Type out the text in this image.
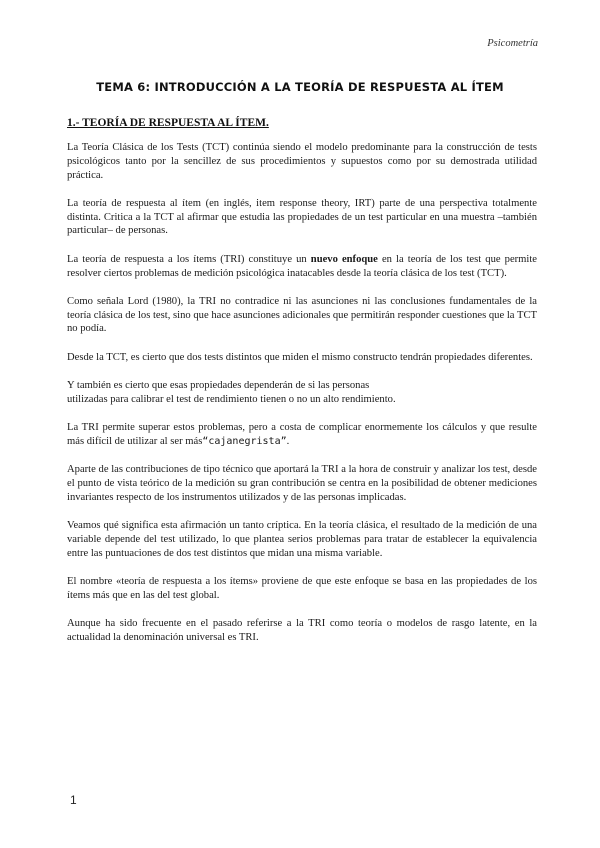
Psicometría
TEMA 6: INTRODUCCIÓN A LA TEORÍA DE RESPUESTA AL ÍTEM
1.- TEORÍA DE RESPUESTA AL ÍTEM.

La Teoría Clásica de los Tests (TCT) continúa siendo el modelo predominante para la construcción de tests psicológicos tanto por la sencillez de sus procedimientos y supuestos como por su demostrada utilidad práctica.

La teoría de respuesta al ítem (en inglés, item response theory, IRT) parte de una perspectiva totalmente distinta. Critica a la TCT al afirmar que estudia las propiedades de un test particular en una muestra –también particular– de personas.

La teoría de respuesta a los ítems (TRI) constituye un nuevo enfoque en la teoría de los test que permite resolver ciertos problemas de medición psicológica inatacables desde la teoría clásica de los test (TCT).

Como señala Lord (1980), la TRI no contradice ni las asunciones ni las conclusiones fundamentales de la teoría clásica de los test, sino que hace asunciones adicionales que permitirán responder cuestiones que la TCT no podía.

Desde la TCT, es cierto que dos tests distintos que miden el mismo constructo tendrán propiedades diferentes.

Y también es cierto que esas propiedades dependerán de si las personas
utilizadas para calibrar el test de rendimiento tienen o no un alto rendimiento.

La TRI permite superar estos problemas, pero a costa de complicar enormemente los cálculos y que resulte más difícil de utilizar al ser más“cajanegrista”.

Aparte de las contribuciones de tipo técnico que aportará la TRI a la hora de construir y analizar los test, desde el punto de vista teórico de la medición su gran contribución se centra en la posibilidad de obtener mediciones invariantes respecto de los instrumentos utilizados y de las personas implicadas.

Veamos qué significa esta afirmación un tanto críptica. En la teoría clásica, el resultado de la medición de una variable depende del test utilizado, lo que plantea serios problemas para tratar de establecer la equivalencia entre las puntuaciones de dos test distintos que midan una misma variable.

El nombre «teoría de respuesta a los ítems» proviene de que este enfoque se basa en las propiedades de los ítems más que en las del test global.

Aunque ha sido frecuente en el pasado referirse a la TRI como teoría o modelos de rasgo latente, en la actualidad la denominación universal es TRI.

1
